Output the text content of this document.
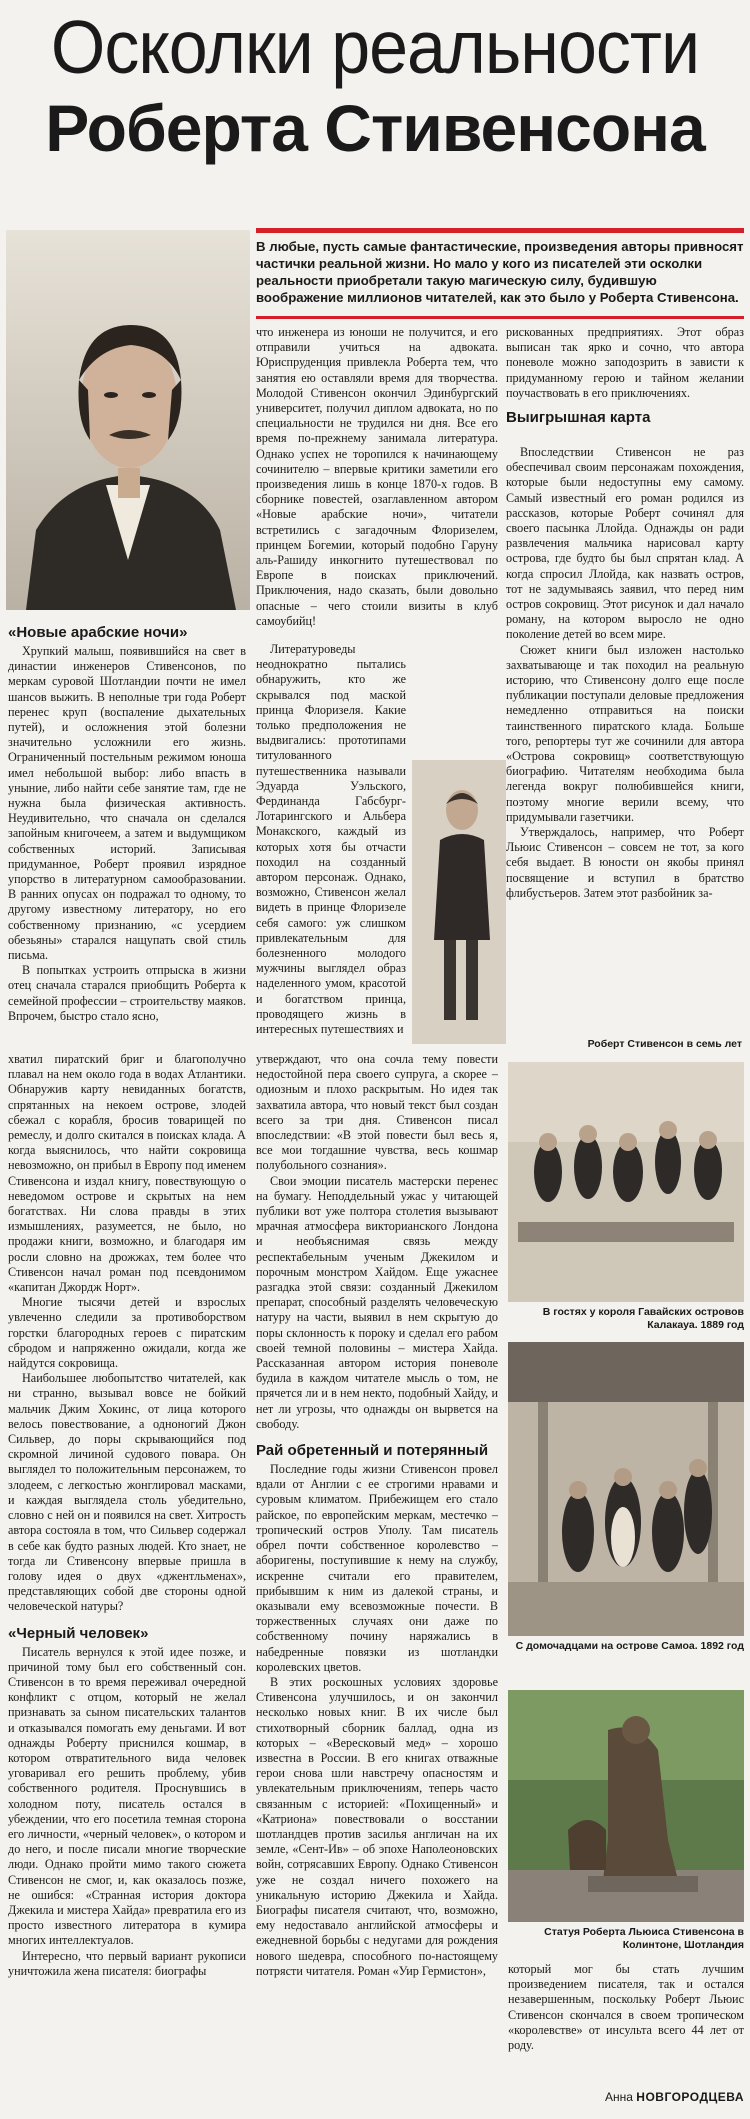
Осколки реальности
Роберта Стивенсона
В любые, пусть самые фантастические, произведения авторы привносят частички реальной жизни. Но мало у кого из писателей эти осколки реальности приобретали такую магическую силу, будившую воображение миллионов читателей, как это было у Роберта Стивенсона.
«Новые арабские ночи»

Хрупкий малыш, появившийся на свет в династии инженеров Стивенсонов, по меркам суровой Шотландии почти не имел шансов выжить. В неполные три года Роберт перенес круп (воспаление дыхательных путей), и осложнения этой болезни значительно усложнили его жизнь. Ограниченный постельным режимом юноша имел небольшой выбор: либо впасть в уныние, либо найти себе занятие там, где не нужна была физическая активность. Неудивительно, что сначала он сделался запойным книгочеем, а затем и выдумщиком собственных историй. Записывая придуманное, Роберт проявил изрядное упорство в литературном самообразовании. В ранних опусах он подражал то одному, то другому известному литератору, но его собственному признанию, «с усердием обезьяны» старался нащупать свой стиль письма.

В попытках устроить отпрыска в жизни отец сначала старался приобщить Роберта к семейной профессии – строительству маяков. Впрочем, быстро стало ясно,

что инженера из юноши не получится, и его отправили учиться на адвоката. Юриспруденция привлекла Роберта тем, что занятия ею оставляли время для творчества. Молодой Стивенсон окончил Эдинбургский университет, получил диплом адвоката, но по специальности не трудился ни дня. Все его время по-прежнему занимала литература. Однако успех не торопился к начинающему сочинителю – впервые критики заметили его произведения лишь в конце 1870-х годов. В сборнике повестей, озаглавленном автором «Новые арабские ночи», читатели встретились с загадочным Флоризелем, принцем Богемии, который подобно Гаруну аль-Рашиду инкогнито путешествовал по Европе в поисках приключений. Приключения, надо сказать, были довольно опасные – чего стоили визиты в клуб самоубийц!

Литературоведы неоднократно пытались обнаружить, кто же скрывался под маской принца Флоризеля. Какие только предположения не выдвигались: прототипами титулованного путешественника называли Эдуарда Уэльского, Фердинанда Габсбург-Лотарингского и Альбера Монакского, каждый из которых хотя бы отчасти походил на созданный автором персонаж. Однако, возможно, Стивенсон желал видеть в принце Флоризеле себя самого: уж слишком привлекательным для болезненного молодого мужчины выглядел образ наделенного умом, красотой и богатством принца, проводящего жизнь в интересных путешествиях и

Роберт Стивенсон в семь лет

рискованных предприятиях. Этот образ выписан так ярко и сочно, что автора поневоле можно заподозрить в зависти к придуманному герою и тайном желании поучаствовать в его приключениях.

Выигрышная карта

Впоследствии Стивенсон не раз обеспечивал своим персонажам похождения, которые были недоступны ему самому. Самый известный его роман родился из рассказов, которые Роберт сочинял для своего пасынка Ллойда. Однажды он ради развлечения мальчика нарисовал карту острова, где будто бы был спрятан клад. А когда спросил Ллойда, как назвать остров, тот не задумываясь заявил, что перед ним остров сокровищ. Этот рисунок и дал начало роману, на котором выросло не одно поколение детей во всем мире.

Сюжет книги был изложен настолько захватывающе и так походил на реальную историю, что Стивенсону долго еще после публикации поступали деловые предложения немедленно отправиться на поиски таинственного пиратского клада. Больше того, репортеры тут же сочинили для автора «Острова сокровищ» соответствующую биографию. Читателям необходима была легенда вокруг полюбившейся книги, поэтому многие верили всему, что придумывали газетчики.

Утверждалось, например, что Роберт Льюис Стивенсон – совсем не тот, за кого себя выдает. В юности он якобы принял посвящение и вступил в братство флибустьеров. Затем этот разбойник за-

хватил пиратский бриг и благополучно плавал на нем около года в водах Атлантики. Обнаружив карту невиданных богатств, спрятанных на некоем острове, злодей сбежал с корабля, бросив товарищей по ремеслу, и долго скитался в поисках клада. А когда выяснилось, что найти сокровища невозможно, он прибыл в Европу под именем Стивенсона и издал книгу, повествующую о неведомом острове и скрытых на нем богатствах. Ни слова правды в этих измышлениях, разумеется, не было, но продажи книги, возможно, и благодаря им росли словно на дрожжах, тем более что Стивенсон начал роман под псевдонимом «капитан Джордж Норт».

Многие тысячи детей и взрослых увлеченно следили за противоборством горстки благородных героев с пиратским сбродом и напряженно ожидали, когда же найдутся сокровища.

Наибольшее любопытство читателей, как ни странно, вызывал вовсе не бойкий мальчик Джим Хокинс, от лица которого велось повествование, а одноногий Джон Сильвер, до поры скрывающийся под скромной личиной судового повара. Он выглядел то положительным персонажем, то злодеем, с легкостью жонглировал масками, и каждая выглядела столь убедительно, словно с ней он и появился на свет. Хитрость автора состояла в том, что Сильвер содержал в себе как будто разных людей. Кто знает, не тогда ли Стивенсону впервые пришла в голову идея о двух «джентльменах», представляющих собой две стороны одной человеческой натуры?

«Черный человек»

Писатель вернулся к этой идее позже, и причиной тому был его собственный сон. Стивенсон в то время переживал очередной конфликт с отцом, который не желал признавать за сыном писательских талантов и отказывался помогать ему деньгами. И вот однажды Роберту приснился кошмар, в котором отвратительного вида человек уговаривал его решить проблему, убив собственного родителя. Проснувшись в холодном поту, писатель остался в убеждении, что его посетила темная сторона его личности, «черный человек», о котором и до него, и после писали многие творческие люди. Однако пройти мимо такого сюжета Стивенсон не смог, и, как оказалось позже, не ошибся: «Странная история доктора Джекила и мистера Хайда» превратила его из просто известного литератора в кумира многих интеллектуалов.

Интересно, что первый вариант рукописи уничтожила жена писателя: биографы

утверждают, что она сочла тему повести недостойной пера своего супруга, а скорее – одиозным и плохо раскрытым. Но идея так захватила автора, что новый текст был создан всего за три дня. Стивенсон писал впоследствии: «В этой повести был весь я, все мои тогдашние чувства, весь кошмар полубольного сознания».

Свои эмоции писатель мастерски перенес на бумагу. Неподдельный ужас у читающей публики вот уже полтора столетия вызывают мрачная атмосфера викторианского Лондона и необъяснимая связь между респектабельным ученым Джекилом и порочным монстром Хайдом. Еще ужаснее разгадка этой связи: созданный Джекилом препарат, способный разделять человеческую натуру на части, выявил в нем скрытую до поры склонность к пороку и сделал его рабом своей темной половины – мистера Хайда. Рассказанная автором история поневоле будила в каждом читателе мысль о том, не прячется ли и в нем некто, подобный Хайду, и нет ли угрозы, что однажды он вырвется на свободу.

Рай обретенный и потерянный

Последние годы жизни Стивенсон провел вдали от Англии с ее строгими нравами и суровым климатом. Прибежищем его стало райское, по европейским меркам, местечко – тропический остров Уполу. Там писатель обрел почти собственное королевство – аборигены, поступившие к нему на службу, искренне считали его правителем, прибывшим к ним из далекой страны, и оказывали ему всевозможные почести. В торжественных случаях они даже по собственному почину наряжались в набедренные повязки из шотландки королевских цветов.

В этих роскошных условиях здоровье Стивенсона улучшилось, и он закончил несколько новых книг. В их числе был стихотворный сборник баллад, одна из которых – «Вересковый мед» – хорошо известна в России. В его книгах отважные герои снова шли навстречу опасностям и увлекательным приключениям, теперь часто связанным с историей: «Похищенный» и «Катриона» повествовали о восстании шотландцев против засилья англичан на их земле, «Сент-Ив» – об эпохе Наполеоновских войн, сотрясавших Европу. Однако Стивенсон уже не создал ничего похожего на уникальную историю Джекила и Хайда. Биографы писателя считают, что, возможно, ему недоставало английской атмосферы и ежедневной борьбы с недугами для рождения нового шедевра, способного по-настоящему потрясти читателя. Роман «Уир Гермистон»,

В гостях у короля Гавайских островов Калакауа. 1889 год
С домочадцами на острове Самоа. 1892 год
Статуя Роберта Льюиса Стивенсона в Колинтоне, Шотландия

который мог бы стать лучшим произведением писателя, так и остался незавершенным, поскольку Роберт Льюис Стивенсон скончался в своем тропическом «королевстве» от инсульта всего 44 лет от роду.

Анна НОВГОРОДЦЕВА
